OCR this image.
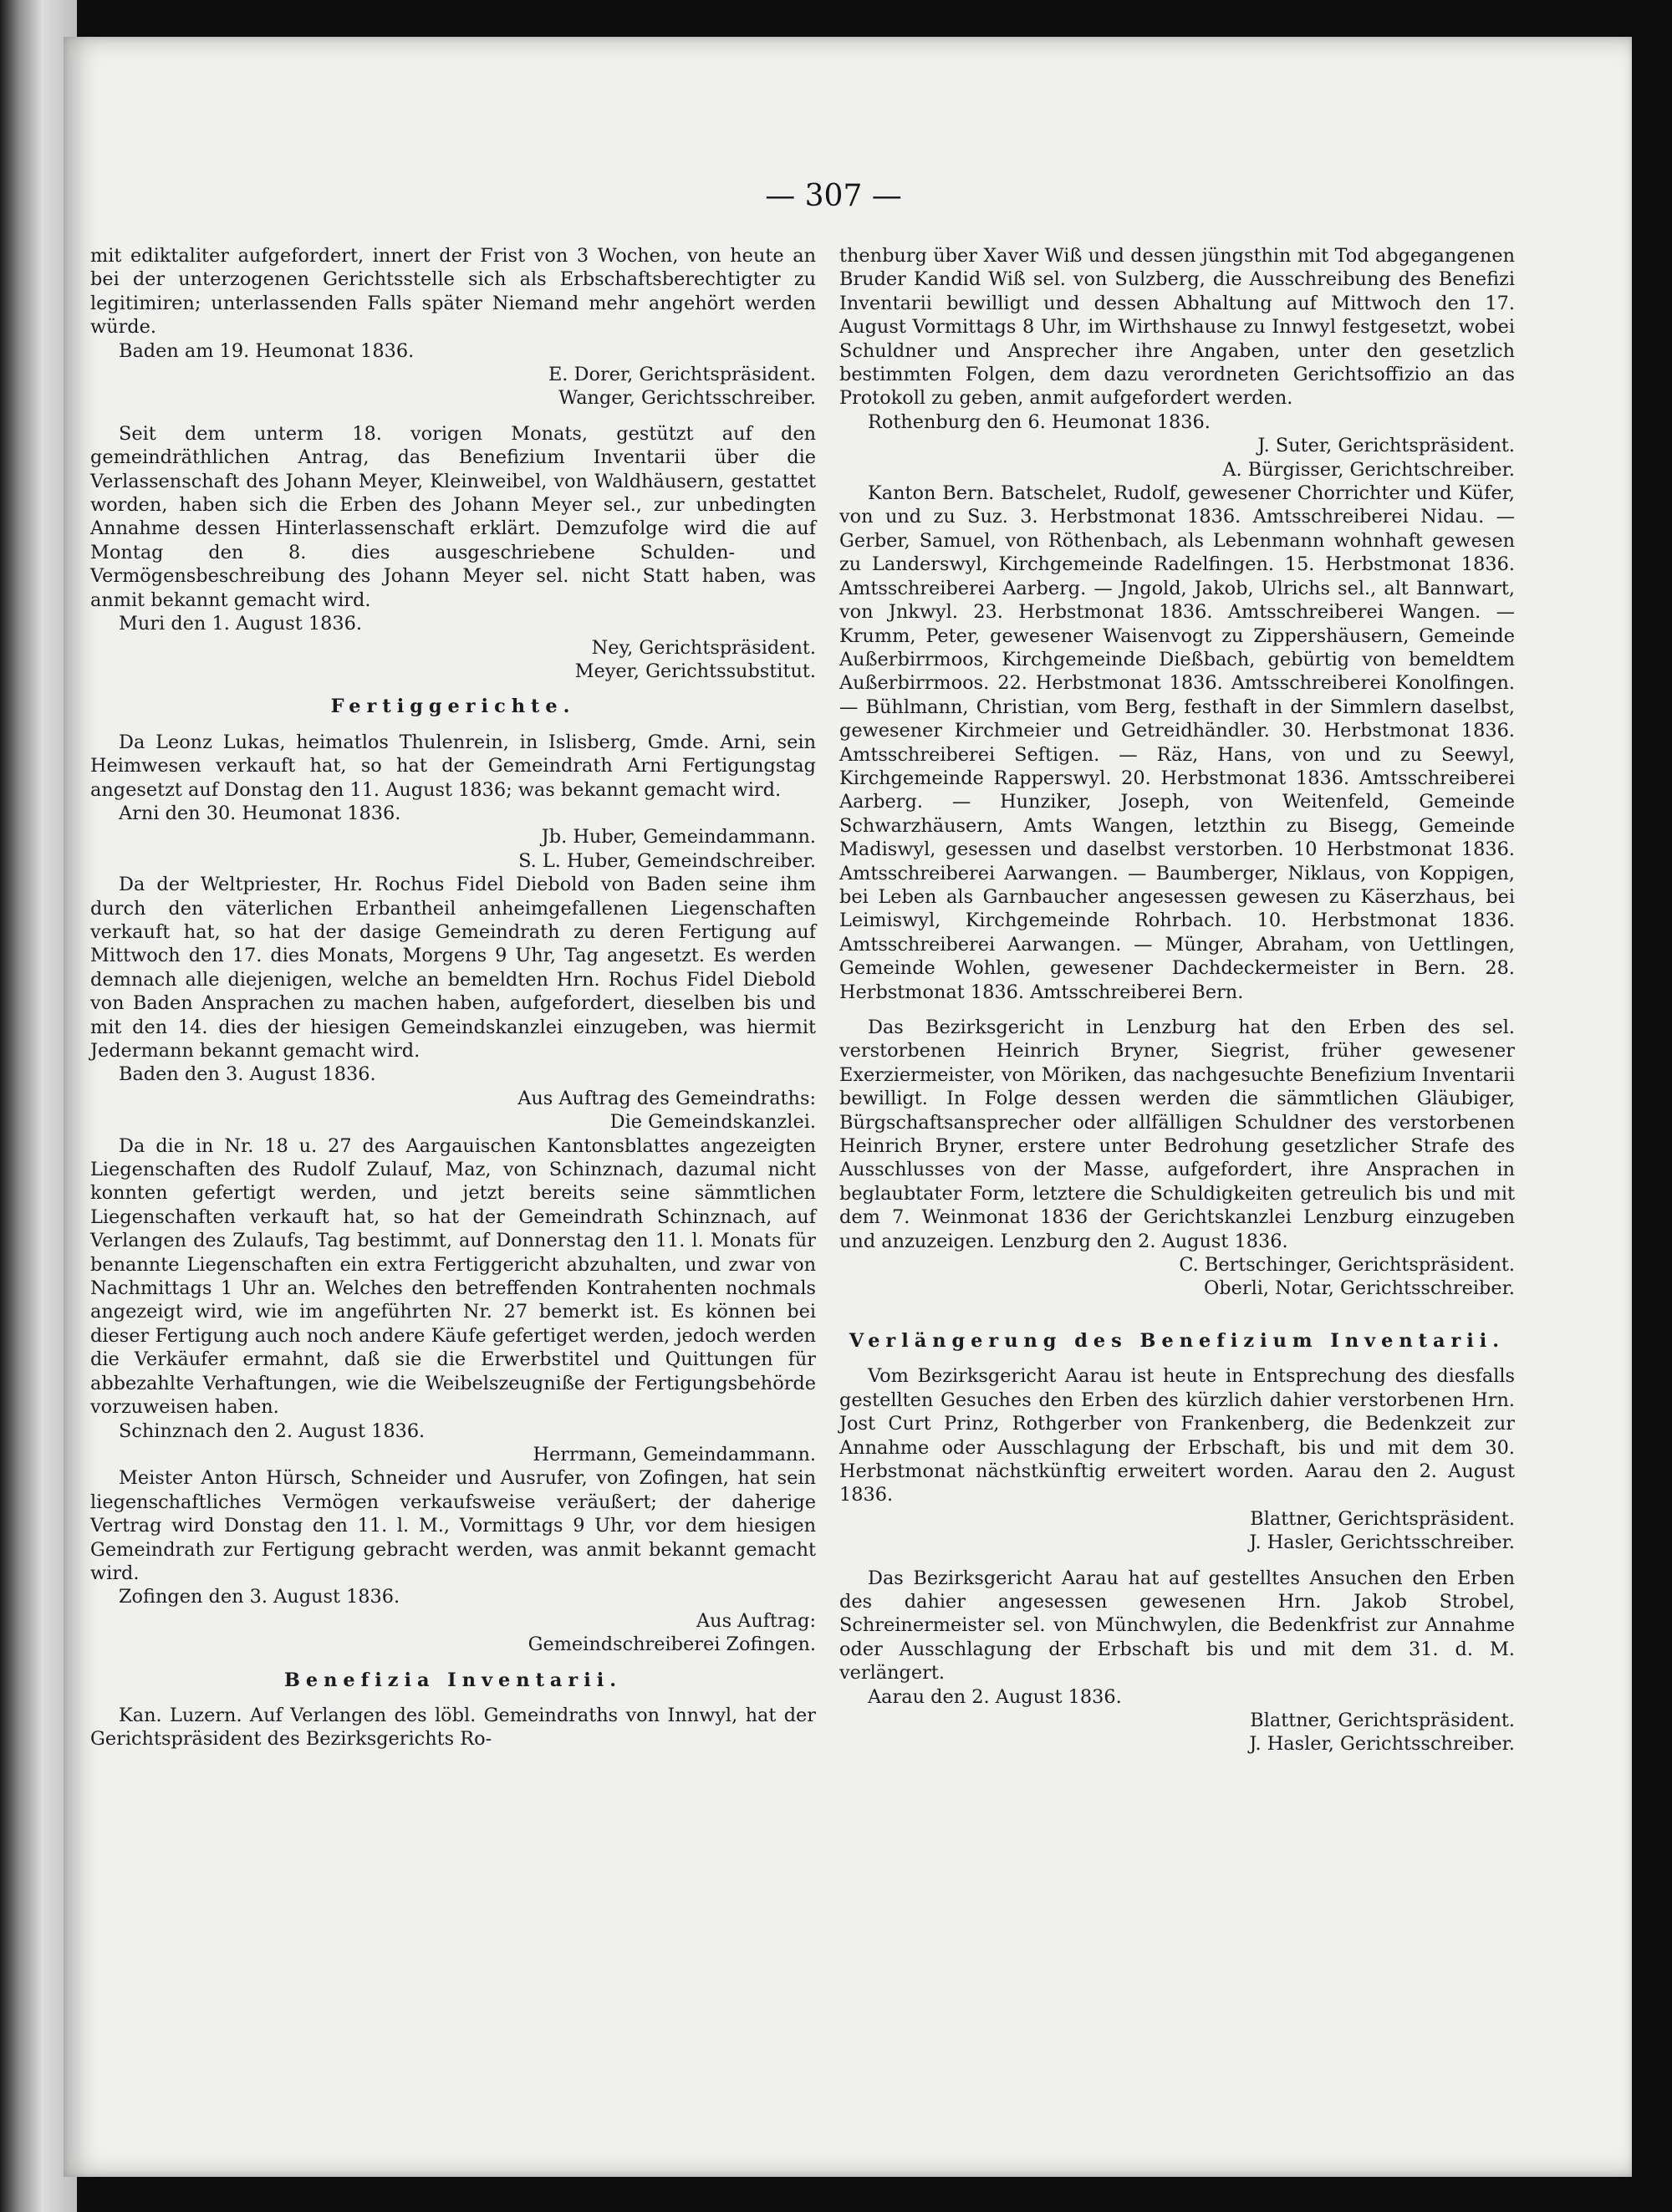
— 307 —

mit ediktaliter aufgefordert, innert der Frist von 3 Wochen, von heute an bei der unterzogenen Gerichtsstelle sich als Erbschaftsberechtigter zu legitimiren; unterlassenden Falls später Niemand mehr angehört werden würde.

Baden am 19. Heumonat 1836.

E. Dorer, Gerichtspräsident.

Wanger, Gerichtsschreiber.

Seit dem unterm 18. vorigen Monats, gestützt auf den gemeindräthlichen Antrag, das Benefizium Inventarii über die Verlassenschaft des Johann Meyer, Kleinweibel, von Waldhäusern, gestattet worden, haben sich die Erben des Johann Meyer sel., zur unbedingten Annahme dessen Hinterlassenschaft erklärt. Demzufolge wird die auf Montag den 8. dies ausgeschriebene Schulden- und Vermögensbeschreibung des Johann Meyer sel. nicht Statt haben, was anmit bekannt gemacht wird.

Muri den 1. August 1836.

Ney, Gerichtspräsident.

Meyer, Gerichtssubstitut.

Fertiggerichte.

Da Leonz Lukas, heimatlos Thulenrein, in Islisberg, Gmde. Arni, sein Heimwesen verkauft hat, so hat der Gemeindrath Arni Fertigungstag angesetzt auf Donstag den 11. August 1836; was bekannt gemacht wird.

Arni den 30. Heumonat 1836.

Jb. Huber, Gemeindammann.

S. L. Huber, Gemeindschreiber.

Da der Weltpriester, Hr. Rochus Fidel Diebold von Baden seine ihm durch den väterlichen Erbantheil anheimgefallenen Liegenschaften verkauft hat, so hat der dasige Gemeindrath zu deren Fertigung auf Mittwoch den 17. dies Monats, Morgens 9 Uhr, Tag angesetzt. Es werden demnach alle diejenigen, welche an bemeldten Hrn. Rochus Fidel Diebold von Baden Ansprachen zu machen haben, aufgefordert, dieselben bis und mit den 14. dies der hiesigen Gemeindskanzlei einzugeben, was hiermit Jedermann bekannt gemacht wird.

Baden den 3. August 1836.

Aus Auftrag des Gemeindraths:

Die Gemeindskanzlei.

Da die in Nr. 18 u. 27 des Aargauischen Kantonsblattes angezeigten Liegenschaften des Rudolf Zulauf, Maz, von Schinznach, dazumal nicht konnten gefertigt werden, und jetzt bereits seine sämmtlichen Liegenschaften verkauft hat, so hat der Gemeindrath Schinznach, auf Verlangen des Zulaufs, Tag bestimmt, auf Donnerstag den 11. l. Monats für benannte Liegenschaften ein extra Fertiggericht abzuhalten, und zwar von Nachmittags 1 Uhr an. Welches den betreffenden Kontrahenten nochmals angezeigt wird, wie im angeführten Nr. 27 bemerkt ist. Es können bei dieser Fertigung auch noch andere Käufe gefertiget werden, jedoch werden die Verkäufer ermahnt, daß sie die Erwerbstitel und Quittungen für abbezahlte Verhaftungen, wie die Weibelszeugniße der Fertigungsbehörde vorzuweisen haben.

Schinznach den 2. August 1836.

Herrmann, Gemeindammann.

Meister Anton Hürsch, Schneider und Ausrufer, von Zofingen, hat sein liegenschaftliches Vermögen verkaufsweise veräußert; der daherige Vertrag wird Donstag den 11. l. M., Vormittags 9 Uhr, vor dem hiesigen Gemeindrath zur Fertigung gebracht werden, was anmit bekannt gemacht wird.

Zofingen den 3. August 1836.

Aus Auftrag:

Gemeindschreiberei Zofingen.

Benefizia Inventarii.

Kan. Luzern. Auf Verlangen des löbl. Gemeindraths von Innwyl, hat der Gerichtspräsident des Bezirksgerichts Ro-

thenburg über Xaver Wiß und dessen jüngsthin mit Tod abgegangenen Bruder Kandid Wiß sel. von Sulzberg, die Ausschreibung des Benefizi Inventarii bewilligt und dessen Abhaltung auf Mittwoch den 17. August Vormittags 8 Uhr, im Wirthshause zu Innwyl festgesetzt, wobei Schuldner und Ansprecher ihre Angaben, unter den gesetzlich bestimmten Folgen, dem dazu verordneten Gerichtsoffizio an das Protokoll zu geben, anmit aufgefordert werden.

Rothenburg den 6. Heumonat 1836.

J. Suter, Gerichtspräsident.

A. Bürgisser, Gerichtschreiber.

Kanton Bern. Batschelet, Rudolf, gewesener Chorrichter und Küfer, von und zu Suz. 3. Herbstmonat 1836. Amtsschreiberei Nidau. — Gerber, Samuel, von Röthenbach, als Lebenmann wohnhaft gewesen zu Landerswyl, Kirchgemeinde Radelfingen. 15. Herbstmonat 1836. Amtsschreiberei Aarberg. — Jngold, Jakob, Ulrichs sel., alt Bannwart, von Jnkwyl. 23. Herbstmonat 1836. Amtsschreiberei Wangen. — Krumm, Peter, gewesener Waisenvogt zu Zippershäusern, Gemeinde Außerbirrmoos, Kirchgemeinde Dießbach, gebürtig von bemeldtem Außerbirrmoos. 22. Herbstmonat 1836. Amtsschreiberei Konolfingen. — Bühlmann, Christian, vom Berg, festhaft in der Simmlern daselbst, gewesener Kirchmeier und Getreidhändler. 30. Herbstmonat 1836. Amtsschreiberei Seftigen. — Räz, Hans, von und zu Seewyl, Kirchgemeinde Rapperswyl. 20. Herbstmonat 1836. Amtsschreiberei Aarberg. — Hunziker, Joseph, von Weitenfeld, Gemeinde Schwarzhäusern, Amts Wangen, letzthin zu Bisegg, Gemeinde Madiswyl, gesessen und daselbst verstorben. 10 Herbstmonat 1836. Amtsschreiberei Aarwangen. — Baumberger, Niklaus, von Koppigen, bei Leben als Garnbaucher angesessen gewesen zu Käserzhaus, bei Leimiswyl, Kirchgemeinde Rohrbach. 10. Herbstmonat 1836. Amtsschreiberei Aarwangen. — Münger, Abraham, von Uettlingen, Gemeinde Wohlen, gewesener Dachdeckermeister in Bern. 28. Herbstmonat 1836. Amtsschreiberei Bern.

Das Bezirksgericht in Lenzburg hat den Erben des sel. verstorbenen Heinrich Bryner, Siegrist, früher gewesener Exerziermeister, von Möriken, das nachgesuchte Benefizium Inventarii bewilligt. In Folge dessen werden die sämmtlichen Gläubiger, Bürgschaftsansprecher oder allfälligen Schuldner des verstorbenen Heinrich Bryner, erstere unter Bedrohung gesetzlicher Strafe des Ausschlusses von der Masse, aufgefordert, ihre Ansprachen in beglaubtater Form, letztere die Schuldigkeiten getreulich bis und mit dem 7. Weinmonat 1836 der Gerichtskanzlei Lenzburg einzugeben und anzuzeigen. Lenzburg den 2. August 1836.

C. Bertschinger, Gerichtspräsident.

Oberli, Notar, Gerichtsschreiber.

Verlängerung des Benefizium Inventarii.

Vom Bezirksgericht Aarau ist heute in Entsprechung des diesfalls gestellten Gesuches den Erben des kürzlich dahier verstorbenen Hrn. Jost Curt Prinz, Rothgerber von Frankenberg, die Bedenkzeit zur Annahme oder Ausschlagung der Erbschaft, bis und mit dem 30. Herbstmonat nächstkünftig erweitert worden. Aarau den 2. August 1836.

Blattner, Gerichtspräsident.

J. Hasler, Gerichtsschreiber.

Das Bezirksgericht Aarau hat auf gestelltes Ansuchen den Erben des dahier angesessen gewesenen Hrn. Jakob Strobel, Schreinermeister sel. von Münchwylen, die Bedenkfrist zur Annahme oder Ausschlagung der Erbschaft bis und mit dem 31. d. M. verlängert.

Aarau den 2. August 1836.

Blattner, Gerichtspräsident.

J. Hasler, Gerichtsschreiber.
